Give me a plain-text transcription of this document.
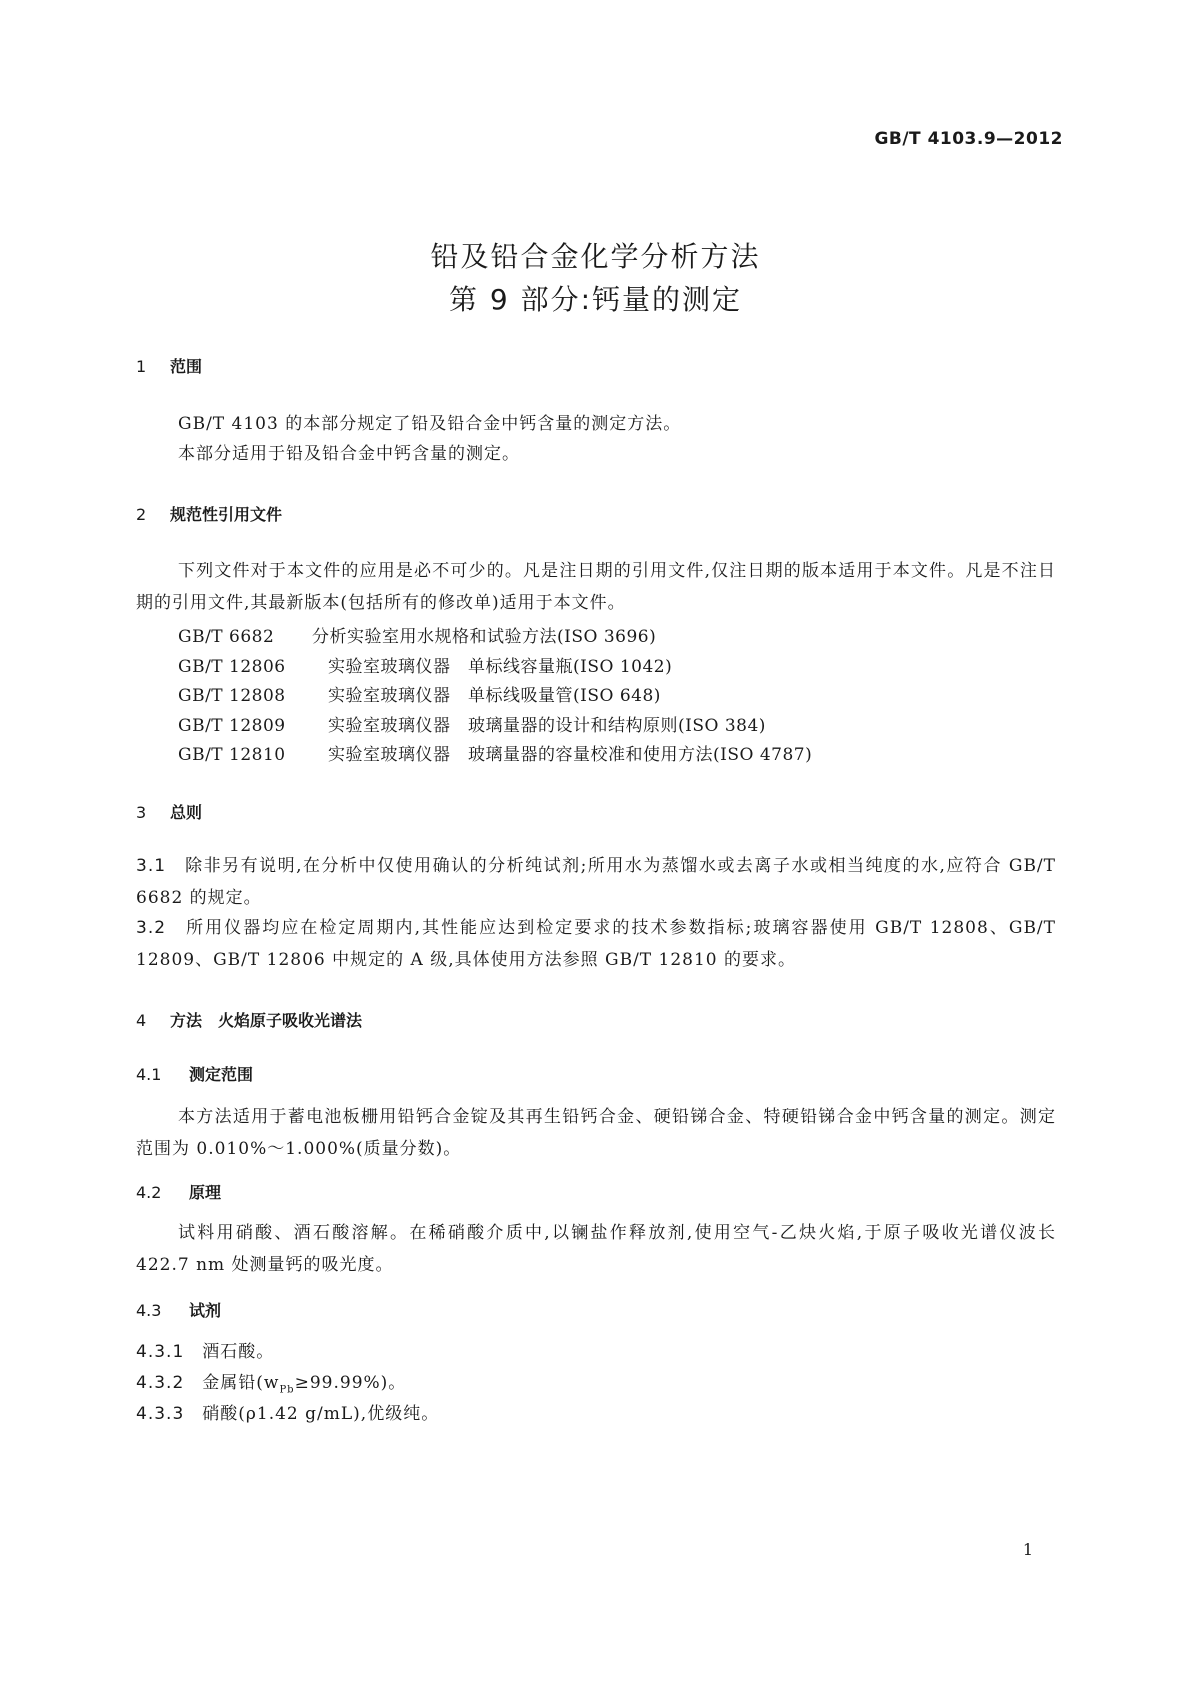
GB/T 4103.9—2012
铅及铅合金化学分析方法
第 9 部分:钙量的测定
1 范围
GB/T 4103 的本部分规定了铅及铅合金中钙含量的测定方法。
本部分适用于铅及铅合金中钙含量的测定。
2 规范性引用文件
下列文件对于本文件的应用是必不可少的。凡是注日期的引用文件,仅注日期的版本适用于本文件。凡是不注日期的引用文件,其最新版本(包括所有的修改单)适用于本文件。
GB/T 6682 分析实验室用水规格和试验方法(ISO 3696)
GB/T 12806 实验室玻璃仪器　单标线容量瓶(ISO 1042)
GB/T 12808 实验室玻璃仪器　单标线吸量管(ISO 648)
GB/T 12809 实验室玻璃仪器　玻璃量器的设计和结构原则(ISO 384)
GB/T 12810 实验室玻璃仪器　玻璃量器的容量校准和使用方法(ISO 4787)
3 总则
3.1　 除非另有说明,在分析中仅使用确认的分析纯试剂;所用水为蒸馏水或去离子水或相当纯度的水,应符合 GB/T 6682 的规定。
3.2　 所用仪器均应在检定周期内,其性能应达到检定要求的技术参数指标;玻璃容器使用 GB/T 12808、GB/T 12809、GB/T 12806 中规定的 A 级,具体使用方法参照 GB/T 12810 的要求。
4 方法　火焰原子吸收光谱法
4.1 测定范围
本方法适用于蓄电池板栅用铅钙合金锭及其再生铅钙合金、硬铅锑合金、特硬铅锑合金中钙含量的测定。测定范围为 0.010%～1.000%(质量分数)。
4.2 原理
试料用硝酸、酒石酸溶解。在稀硝酸介质中,以镧盐作释放剂,使用空气-乙炔火焰,于原子吸收光谱仪波长 422.7 nm 处测量钙的吸光度。
4.3 试剂
4.3.1　 酒石酸。
4.3.2　 金属铅$(w_{Pb}\ge 99.99\%)$。
4.3.3　 硝酸(ρ1.42 g/mL),优级纯。
1
